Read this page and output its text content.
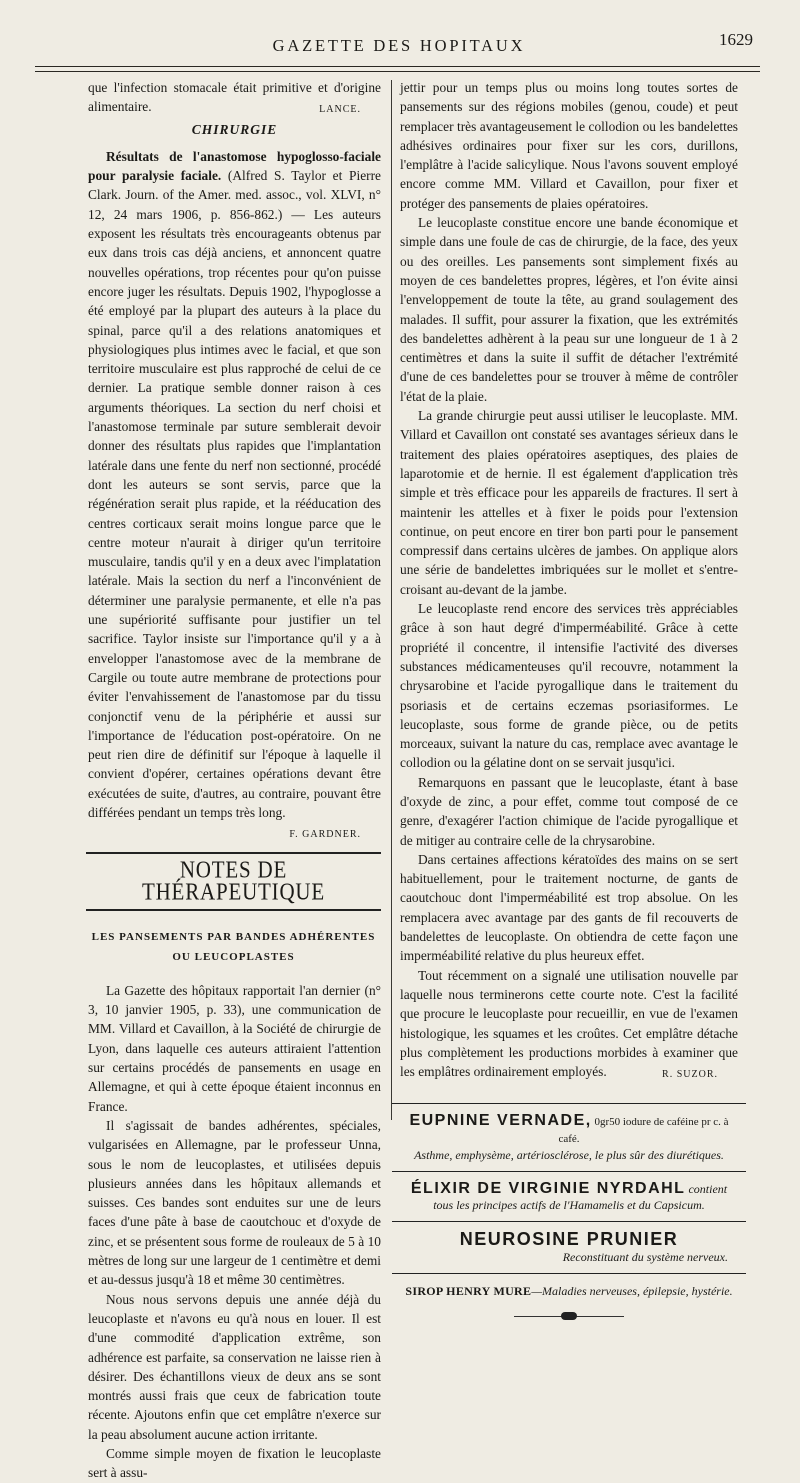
GAZETTE DES HOPITAUX	1629

que l'infection stomacale était primitive et d'origine alimentaire.	LANCE.

CHIRURGIE

Résultats de l'anastomose hypoglosso-faciale pour paralysie faciale. (Alfred S. Taylor et Pierre Clark. Journ. of the Amer. med. assoc., vol. XLVI, n° 12, 24 mars 1906, p. 856-862.) — Les auteurs exposent les résultats très encourageants obtenus par eux dans trois cas déjà anciens, et annoncent quatre nouvelles opérations, trop récentes pour qu'on puisse encore juger les résultats. Depuis 1902, l'hypoglosse a été employé par la plupart des auteurs à la place du spinal, parce qu'il a des relations anatomiques et physiologiques plus intimes avec le facial, et que son territoire musculaire est plus rapproché de celui de ce dernier. La pratique semble donner raison à ces arguments théoriques. La section du nerf choisi et l'anastomose terminale par suture semblerait devoir donner des résultats plus rapides que l'implantation latérale dans une fente du nerf non sectionné, procédé dont les auteurs se sont servis, parce que la régénération serait plus rapide, et la rééducation des centres corticaux serait moins longue parce que le centre moteur n'aurait à diriger qu'un territoire musculaire, tandis qu'il y en a deux avec l'implatation latérale. Mais la section du nerf a l'inconvénient de déterminer une paralysie permanente, et elle n'a pas une supériorité suffisante pour justifier un tel sacrifice. Taylor insiste sur l'importance qu'il y a à envelopper l'anastomose avec de la membrane de Cargile ou toute autre membrane de protections pour éviter l'envahissement de l'anastomose par du tissu conjonctif venu de la périphérie et aussi sur l'importance de l'éducation post-opératoire. On ne peut rien dire de définitif sur l'époque à laquelle il convient d'opérer, certaines opérations devant être exécutées de suite, d'autres, au contraire, pouvant être différées pendant un temps très long.
F. GARDNER.

NOTES DE THÉRAPEUTIQUE
LES PANSEMENTS PAR BANDES ADHÉRENTES
OU LEUCOPLASTES

La Gazette des hôpitaux rapportait l'an dernier (n° 3, 10 janvier 1905, p. 33), une communication de MM. Villard et Cavaillon, à la Société de chirurgie de Lyon, dans laquelle ces auteurs attiraient l'attention sur certains procédés de pansements en usage en Allemagne, et qui à cette époque étaient inconnus en France.

Il s'agissait de bandes adhérentes, spéciales, vulgarisées en Allemagne, par le professeur Unna, sous le nom de leucoplastes, et utilisées depuis plusieurs années dans les hôpitaux allemands et suisses. Ces bandes sont enduites sur une de leurs faces d'une pâte à base de caoutchouc et d'oxyde de zinc, et se présentent sous forme de rouleaux de 5 à 10 mètres de long sur une largeur de 1 centimètre et demi et au-dessus jusqu'à 18 et même 30 centimètres.

Nous nous servons depuis une année déjà du leucoplaste et n'avons eu qu'à nous en louer. Il est d'une commodité d'application extrême, son adhérence est parfaite, sa conservation ne laisse rien à désirer. Des échantillons vieux de deux ans se sont montrés aussi frais que ceux de fabrication toute récente. Ajoutons enfin que cet emplâtre n'exerce sur la peau absolument aucune action irritante.

Comme simple moyen de fixation le leucoplaste sert à assu-

jettir pour un temps plus ou moins long toutes sortes de pansements sur des régions mobiles (genou, coude) et peut remplacer très avantageusement le collodion ou les bandelettes adhésives ordinaires pour fixer sur les cors, durillons, l'emplâtre à l'acide salicylique. Nous l'avons souvent employé encore comme MM. Villard et Cavaillon, pour fixer et protéger des pansements de plaies opératoires.

Le leucoplaste constitue encore une bande économique et simple dans une foule de cas de chirurgie, de la face, des yeux ou des oreilles. Les pansements sont simplement fixés au moyen de ces bandelettes propres, légères, et l'on évite ainsi l'enveloppement de toute la tête, au grand soulagement des malades. Il suffit, pour assurer la fixation, que les extrémités des bandelettes adhèrent à la peau sur une longueur de 1 à 2 centimètres et dans la suite il suffit de détacher l'extrémité d'une de ces bandelettes pour se trouver à même de contrôler l'état de la plaie.

La grande chirurgie peut aussi utiliser le leucoplaste. MM. Villard et Cavaillon ont constaté ses avantages sérieux dans le traitement des plaies opératoires aseptiques, des plaies de laparotomie et de hernie. Il est également d'application très simple et très efficace pour les appareils de fractures. Il sert à maintenir les attelles et à fixer le poids pour l'extension continue, on peut encore en tirer bon parti pour le pansement compressif dans certains ulcères de jambes. On applique alors une série de bandelettes imbriquées sur le mollet et s'entre-croisant au-devant de la jambe.

Le leucoplaste rend encore des services très appréciables grâce à son haut degré d'imperméabilité. Grâce à cette propriété il concentre, il intensifie l'activité des diverses substances médicamenteuses qu'il recouvre, notamment la chrysarobine et l'acide pyrogallique dans le traitement du psoriasis et de certains eczemas psoriasiformes. Le leucoplaste, sous forme de grande pièce, ou de petits morceaux, suivant la nature du cas, remplace avec avantage le collodion ou la gélatine dont on se servait jusqu'ici.

Remarquons en passant que le leucoplaste, étant à base d'oxyde de zinc, a pour effet, comme tout composé de ce genre, d'exagérer l'action chimique de l'acide pyrogallique et de mitiger au contraire celle de la chrysarobine.

Dans certaines affections kératoïdes des mains on se sert habituellement, pour le traitement nocturne, de gants de caoutchouc dont l'imperméabilité est trop absolue. On les remplacera avec avantage par des gants de fil recouverts de bandelettes de leucoplaste. On obtiendra de cette façon une imperméabilité relative du plus heureux effet.

Tout récemment on a signalé une utilisation nouvelle par laquelle nous terminerons cette courte note. C'est la facilité que procure le leucoplaste pour recueillir, en vue de l'examen histologique, les squames et les croûtes. Cet emplâtre détache plus complètement les productions morbides à examiner que les emplâtres ordinairement employés.	R. SUZOR.

EUPNINE VERNADE, 0gr50 iodure de caféine pr c. à café.
Asthme, emphysème, artériosclérose, le plus sûr des diurétiques.
ÉLIXIR DE VIRGINIE NYRDAHL contient
tous les principes actifs de l'Hamamelis et du Capsicum.
NEUROSINE PRUNIER
Reconstituant du système nerveux.
SIROP HENRY MURE—Maladies nerveuses, épilepsie, hystérie.
